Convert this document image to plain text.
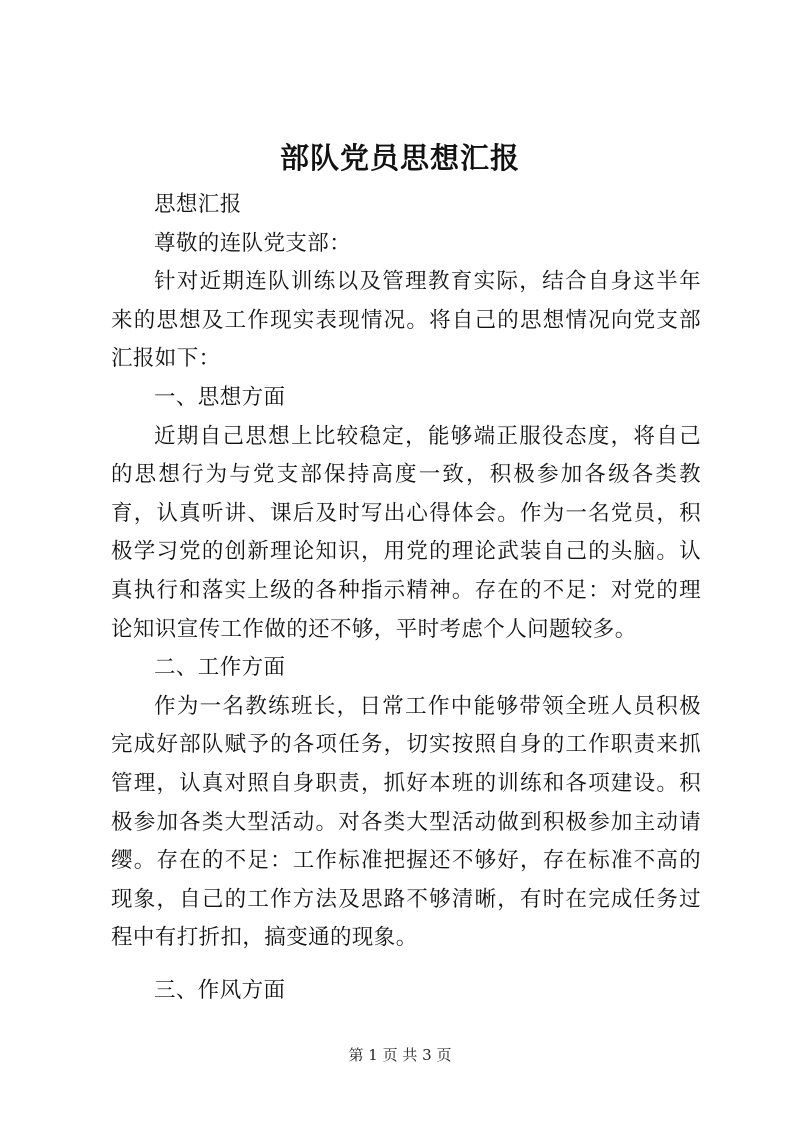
部队党员思想汇报

思想汇报

尊敬的连队党支部：

针对近期连队训练以及管理教育实际，结合自身这半年来的思想及工作现实表现情况。将自己的思想情况向党支部汇报如下：

一、思想方面

近期自己思想上比较稳定，能够端正服役态度，将自己的思想行为与党支部保持高度一致，积极参加各级各类教育，认真听讲、课后及时写出心得体会。作为一名党员，积极学习党的创新理论知识，用党的理论武装自己的头脑。认真执行和落实上级的各种指示精神。存在的不足：对党的理论知识宣传工作做的还不够，平时考虑个人问题较多。

二、工作方面

作为一名教练班长，日常工作中能够带领全班人员积极完成好部队赋予的各项任务，切实按照自身的工作职责来抓管理，认真对照自身职责，抓好本班的训练和各项建设。积极参加各类大型活动。对各类大型活动做到积极参加主动请缨。存在的不足：工作标准把握还不够好，存在标准不高的现象，自己的工作方法及思路不够清晰，有时在完成任务过程中有打折扣，搞变通的现象。

三、作风方面

第 1 页 共 3 页
